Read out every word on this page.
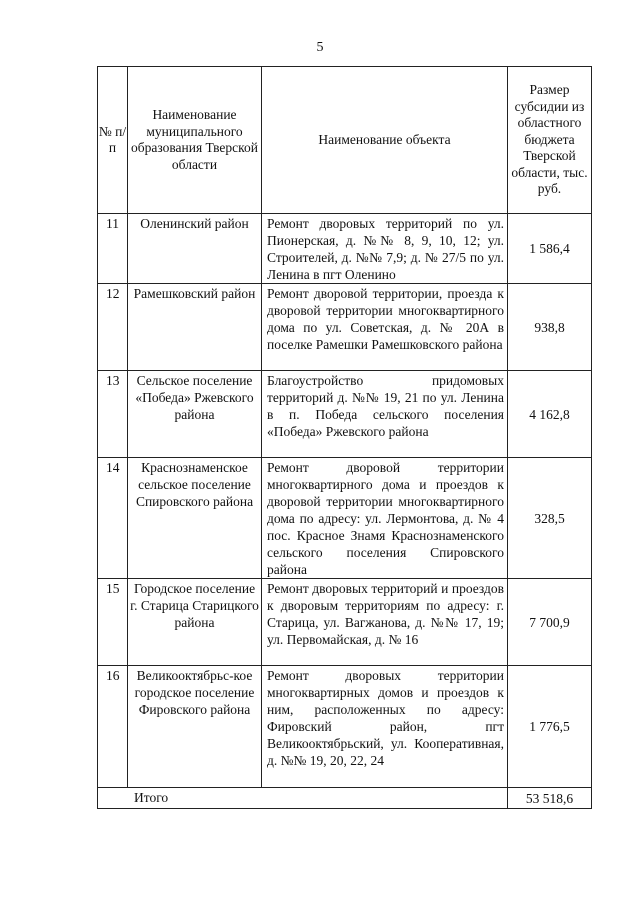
5
№ п/п	Наименование муниципального образования Тверской области	Наименование объекта	Размер субсидии из областного бюджета Тверской области, тыс. руб.
11	Оленинский район	Ремонт дворовых территорий по ул. Пионерская, д. №№ 8, 9, 10, 12; ул. Строителей, д. №№ 7,9; д. № 27/5 по ул. Ленина в пгт Оленино	1 586,4
12	Рамешковский район	Ремонт дворовой территории, проезда к дворовой территории многоквартирного дома по ул. Советская, д. № 20А в поселке Рамешки Рамешковского района	938,8
13	Сельское поселение «Победа» Ржевского района	Благоустройство придомовых территорий д. №№ 19, 21 по ул. Ленина в п. Победа сельского поселения «Победа» Ржевского района	4 162,8
14	Краснознаменское сельское поселение Спировского района	Ремонт дворовой территории многоквартирного дома и проездов к дворовой территории многоквартирного дома по адресу: ул. Лермонтова, д. № 4 пос. Красное Знамя Краснознаменского сельского поселения Спировского района	328,5
15	Городское поселение г. Старица Старицкого района	Ремонт дворовых территорий и проездов к дворовым территориям по адресу: г. Старица, ул. Вагжанова, д. №№ 17, 19; ул. Первомайская, д. № 16	7 700,9
16	Великооктябрьс-кое городское поселение Фировского района	Ремонт дворовых территории многоквартирных домов и проездов к ним, расположенных по адресу: Фировский район, пгт Великооктябрьский, ул. Кооперативная, д. №№ 19, 20, 22, 24	1 776,5
Итого			53 518,6
